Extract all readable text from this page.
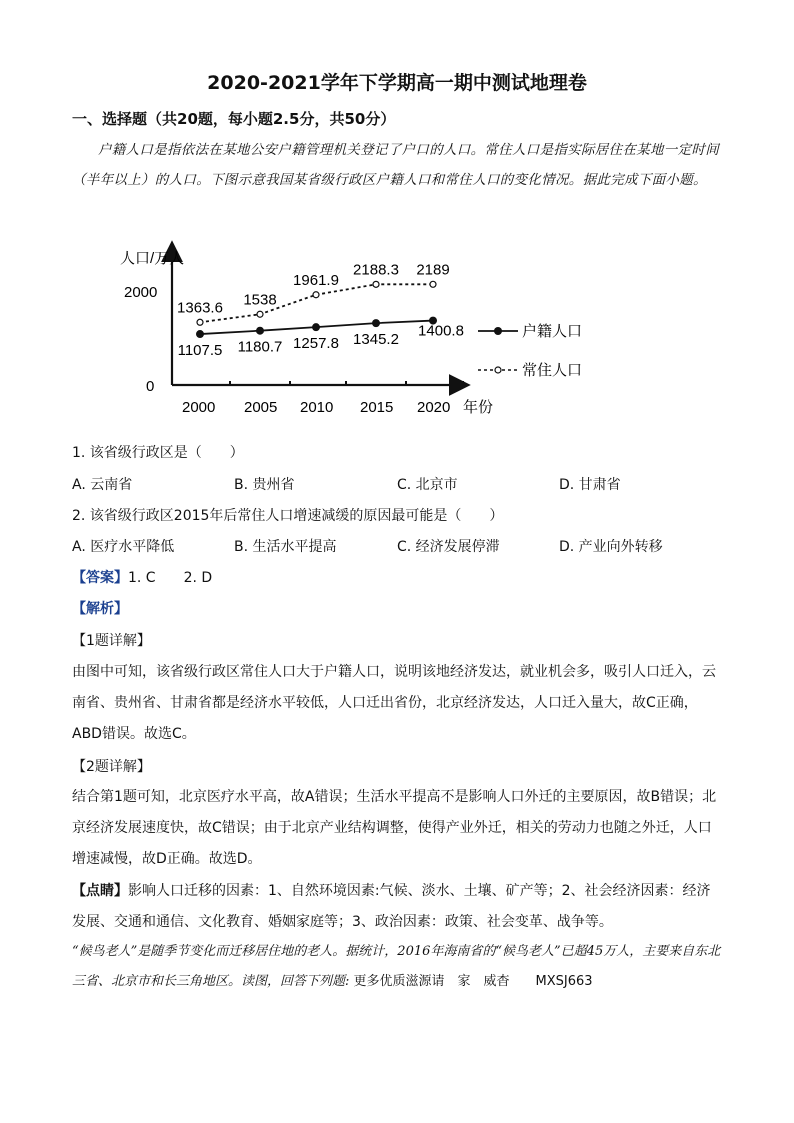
2020-2021学年下学期高一期中测试地理卷
一、选择题（共20题，每小题2.5分，共50分）
户籍人口是指依法在某地公安户籍管理机关登记了户口的人口。常住人口是指实际居住在某地一定时间（半年以上）的人口。下图示意我国某省级行政区户籍人口和常住人口的变化情况。据此完成下面小题。
人口/万人
年份
2000
0
2000 2005 2010 2015 2020
1107.5 1180.7 1257.8 1345.2
1400.8
1363.6 1538
1961.9
2188.3 2189
户籍人口
常住人口
1. 该省级行政区是（　　）
A. 云南省	B. 贵州省	C. 北京市	D. 甘肃省
2. 该省级行政区2015年后常住人口增速减缓的原因最可能是（　　）
A. 医疗水平降低	B. 生活水平提高	C. 经济发展停滞	D. 产业向外转移
【答案】1. C　　2. D
【解析】
【1题详解】
由图中可知，该省级行政区常住人口大于户籍人口，说明该地经济发达，就业机会多，吸引人口迁入，云南省、贵州省、甘肃省都是经济水平较低，人口迁出省份，北京经济发达，人口迁入量大，故C正确，ABD错误。故选C。
【2题详解】
结合第1题可知，北京医疗水平高，故A错误；生活水平提高不是影响人口外迁的主要原因，故B错误；北京经济发展速度快，故C错误；由于北京产业结构调整，使得产业外迁，相关的劳动力也随之外迁，人口增速减慢，故D正确。故选D。
【点睛】影响人口迁移的因素：1、自然环境因素:气候、淡水、土壤、矿产等；2、社会经济因素：经济发展、交通和通信、文化教育、婚姻家庭等；3、政治因素：政策、社会变革、战争等。
“候鸟老人”是随季节变化而迁移居住地的老人。据统计，2016年海南省的“候鸟老人”已超45万人，主要来自东北三省、北京市和长三角地区。读图，回答下列题: 更多优质滋源请　家　威杳　　MXSJ663
